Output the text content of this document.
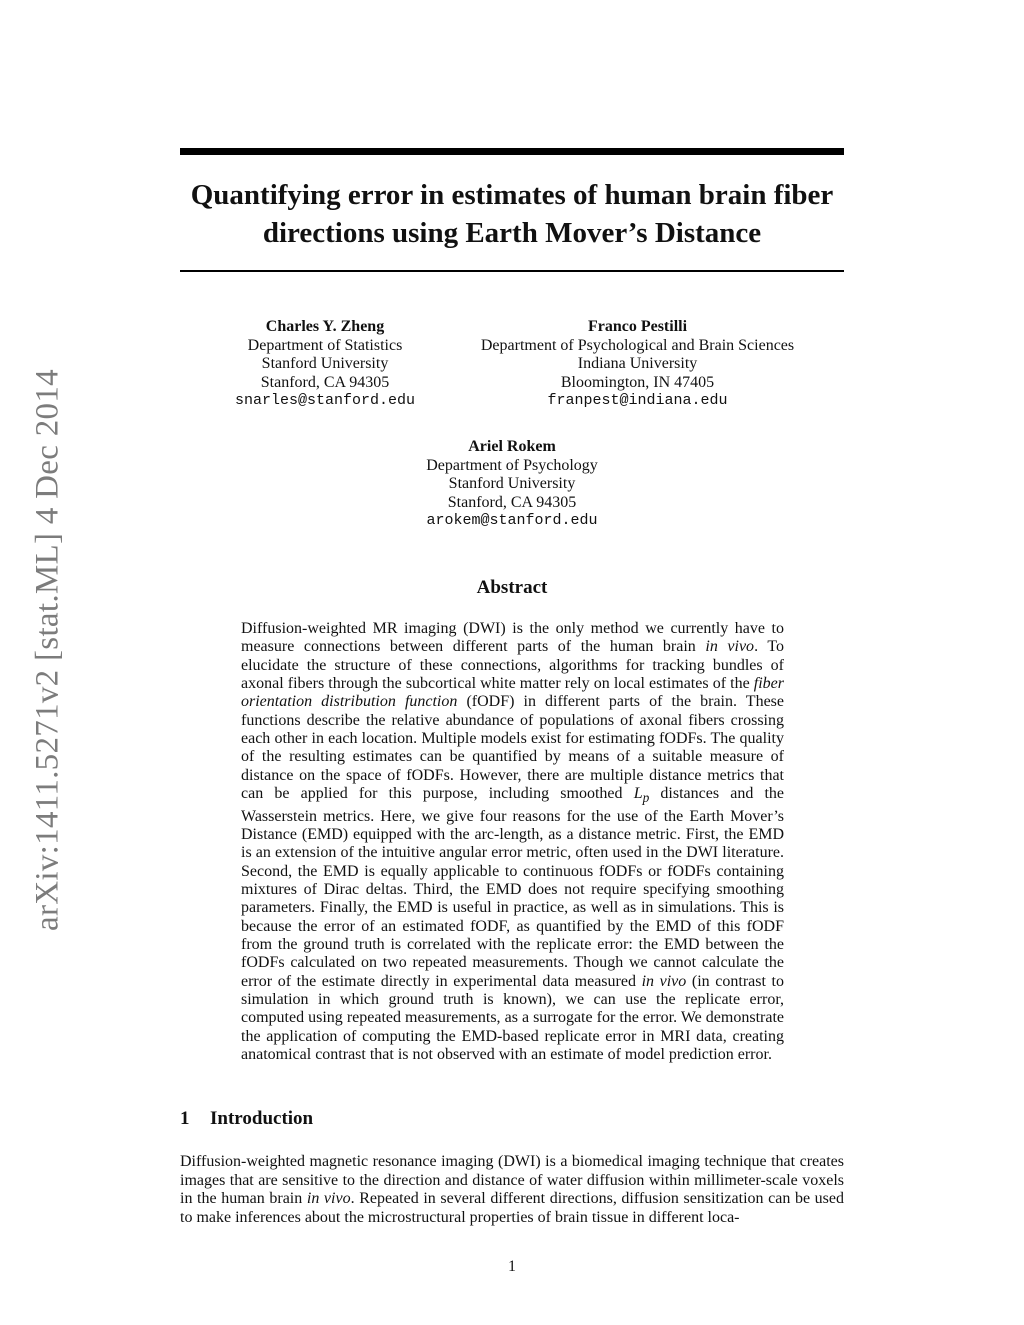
arXiv:1411.5271v2 [stat.ML] 4 Dec 2014
Quantifying error in estimates of human brain fiber
directions using Earth Mover’s Distance
Charles Y. Zheng
Department of Statistics
Stanford University
Stanford, CA 94305
snarles@stanford.edu
Franco Pestilli
Department of Psychological and Brain Sciences
Indiana University
Bloomington, IN 47405
franpest@indiana.edu
Ariel Rokem
Department of Psychology
Stanford University
Stanford, CA 94305
arokem@stanford.edu
Abstract
Diffusion-weighted MR imaging (DWI) is the only method we currently have to measure connections between different parts of the human brain in vivo. To elucidate the structure of these connections, algorithms for tracking bundles of axonal fibers through the subcortical white matter rely on local estimates of the fiber orientation distribution function (fODF) in different parts of the brain. These functions describe the relative abundance of populations of axonal fibers crossing each other in each location. Multiple models exist for estimating fODFs. The quality of the resulting estimates can be quantified by means of a suitable measure of distance on the space of fODFs. However, there are multiple distance metrics that can be applied for this purpose, including smoothed $L_p$ distances and the Wasserstein metrics. Here, we give four reasons for the use of the Earth Mover’s Distance (EMD) equipped with the arc-length, as a distance metric. First, the EMD is an extension of the intuitive angular error metric, often used in the DWI literature. Second, the EMD is equally applicable to continuous fODFs or fODFs containing mixtures of Dirac deltas. Third, the EMD does not require specifying smoothing parameters. Finally, the EMD is useful in practice, as well as in simulations. This is because the error of an estimated fODF, as quantified by the EMD of this fODF from the ground truth is correlated with the replicate error: the EMD between the fODFs calculated on two repeated measurements. Though we cannot calculate the error of the estimate directly in experimental data measured in vivo (in contrast to simulation in which ground truth is known), we can use the replicate error, computed using repeated measurements, as a surrogate for the error. We demonstrate the application of computing the EMD-based replicate error in MRI data, creating anatomical contrast that is not observed with an estimate of model prediction error.
1 Introduction
Diffusion-weighted magnetic resonance imaging (DWI) is a biomedical imaging technique that creates images that are sensitive to the direction and distance of water diffusion within millimeter-scale voxels in the human brain in vivo. Repeated in several different directions, diffusion sensitization can be used to make inferences about the microstructural properties of brain tissue in different loca-
1
